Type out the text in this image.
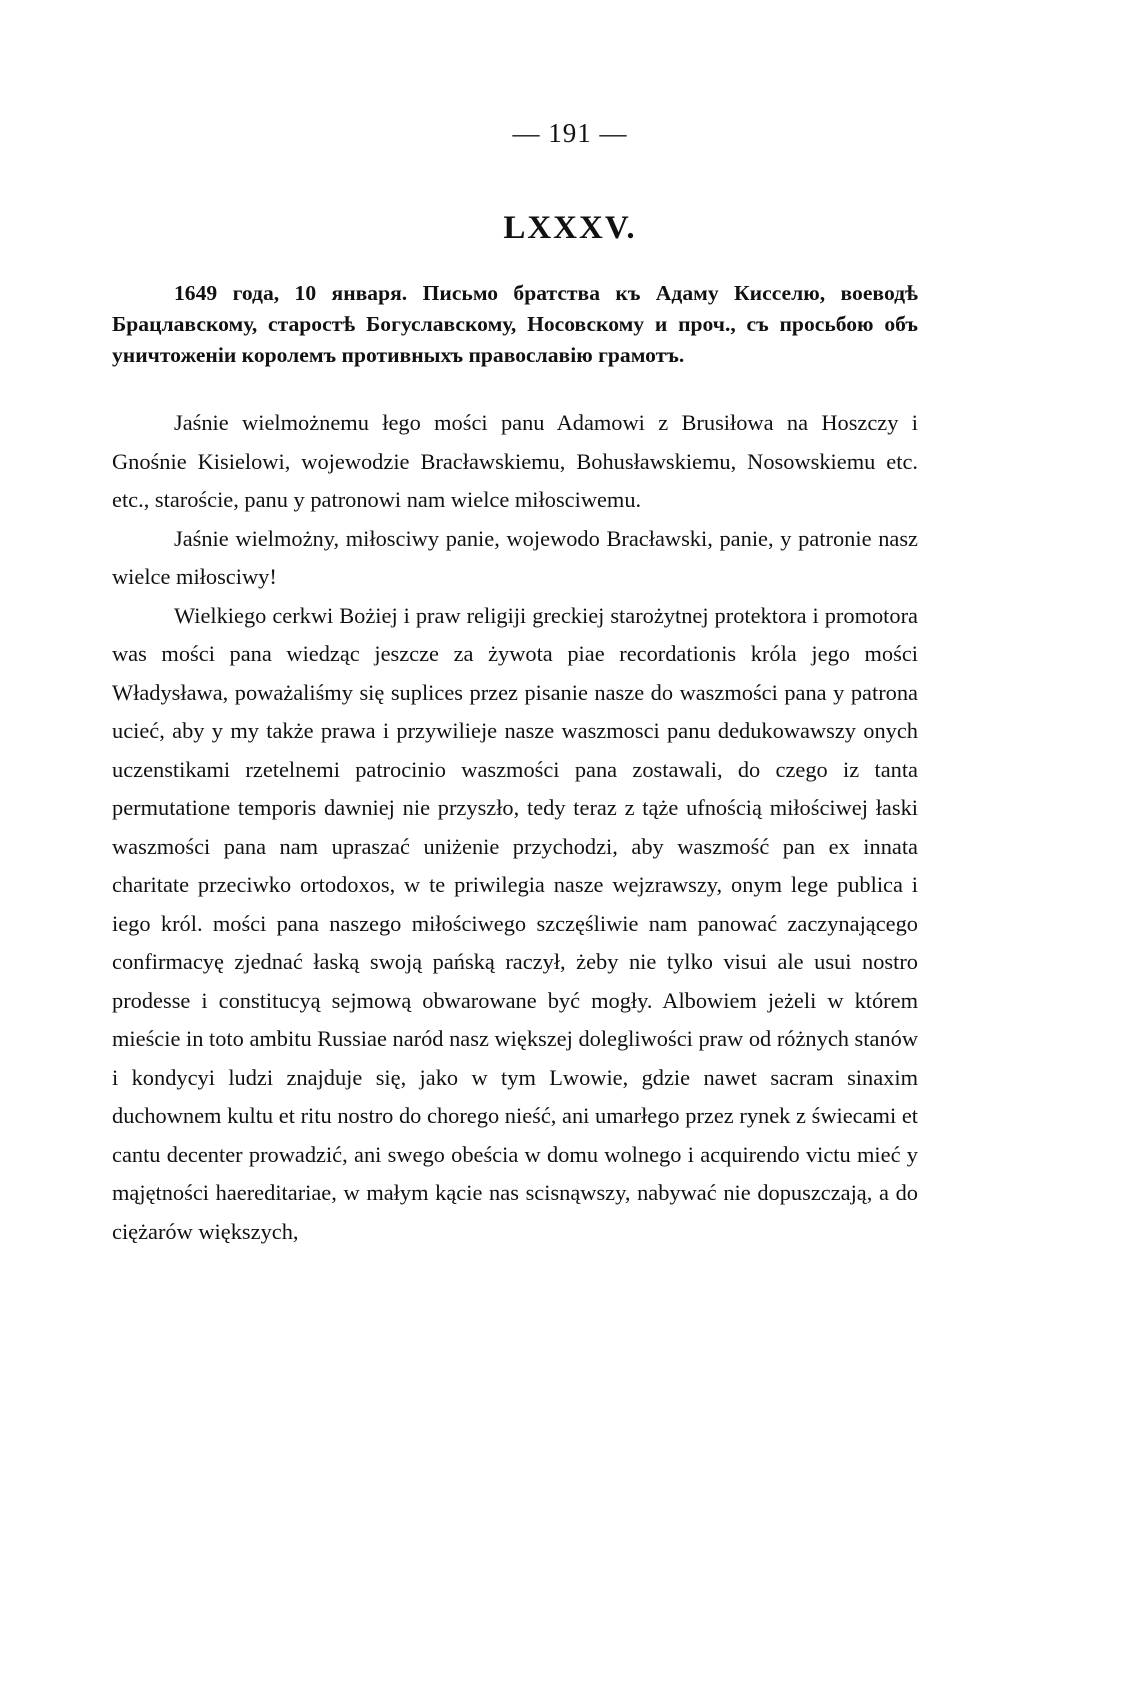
— 191 —
LXXXV.
1649 года, 10 января. Письмо братства къ Адаму Кисселю, воеводѣ Брацлавскому, старостѣ Богуславскому, Носовскому и проч., съ просьбою объ уничтоженіи королемъ противныхъ православію грамотъ.

Jaśnie wielmożnemu łego mości panu Adamowi z Brusiłowa na Hoszczy i Gnośnie Kisielowi, wojewodzie Bracławskiemu, Bohusławskiemu, Nosowskiemu etc. etc., staroście, panu y patronowi nam wielce miłosciwemu.

Jaśnie wielmożny, miłosciwy panie, wojewodo Bracławski, panie, y patronie nasz wielce miłosciwy!

Wielkiego cerkwi Bożiej i praw religiji greckiej starożytnej protektora i promotora was mości pana wiedząc jeszcze za żywota piae recordationis króla jego mości Władysława, poważaliśmy się suplices przez pisanie nasze do waszmości pana y patrona ucieć, aby y my także prawa i przywilieje nasze waszmosci panu dedukowawszy onych uczenstikami rzetelnemi patrocinio waszmości pana zostawali, do czego iz tanta permutatione temporis dawniej nie przyszło, tedy teraz z tąże ufnością miłościwej łaski waszmości pana nam upraszać uniżenie przychodzi, aby waszmość pan ex innata charitate przeciwko ortodoxos, w te priwilegia nasze wejzrawszy, onym lege publica i iego król. mości pana naszego miłościwego szczęśliwie nam panować zaczynającego confirmacyę zjednać łaską swoją pańską raczył, żeby nie tylko visui ale usui nostro prodesse i constitucyą sejmową obwarowane być mogły. Albowiem jeżeli w którem mieście in toto ambitu Russiae naród nasz większej dolegliwości praw od różnych stanów i kondycyi ludzi znajduje się, jako w tym Lwowie, gdzie nawet sacram sinaxim duchownem kultu et ritu nostro do chorego nieść, ani umarłego przez rynek z świecami et cantu decenter prowadzić, ani swego obeścia w domu wolnego i acquirendo victu mieć y mąjętności haereditariae, w małym kącie nas scisnąwszy, nabywać nie dopuszczają, a do ciężarów większych,
